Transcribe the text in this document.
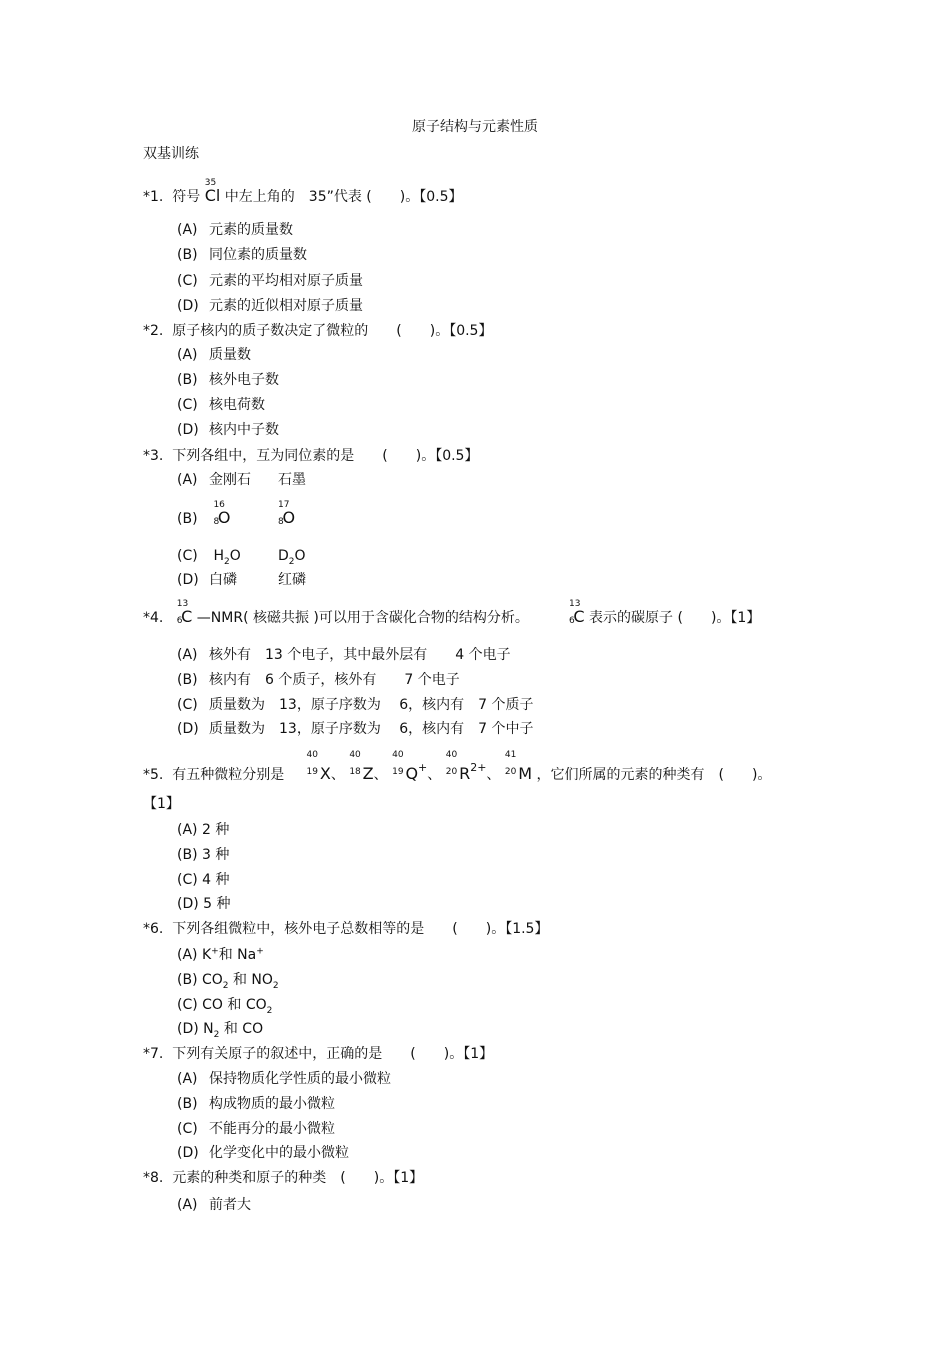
原子结构与元素性质
双基训练
*1. 符号
35
Cl 中左上角的　35”代表 (　　)。【0.5】
(A) 元素的质量数
(B) 同位素的质量数
(C) 元素的平均相对原子质量
(D) 元素的近似相对原子质量
*2. 原子核内的质子数决定了微粒的　　(　　)。【0.5】
(A) 质量数
(B) 核外电子数
(C) 核电荷数
(D) 核内中子数
*3. 下列各组中，互为同位素的是　　(　　)。【0.5】
(A) 金刚石 石墨
(B)
16
8
O
17
8
O
(C) $H_2O$	$D_2O$
(D) 白磷	红磷
*4.
13
6
C —NMR( 核磁共振 )可以用于含碳化合物的结构分析。
13
6
C 表示的碳原子 (　　)。【1】
(A) 核外有　13 个电子，其中最外层有　　4 个电子
(B) 核内有　6 个质子，核外有　　7 个电子
(C) 质量数为　13，原子序数为　 6，核内有　7 个质子
(D) 质量数为　13，原子序数为　 6，核内有　7 个中子
*5. 有五种微粒分别是
40
19 X、
40
18 Z、
40
19 Q+、
40
20 $R^{2+}$、
41
20 M ，它们所属的元素的种类有　(　　)。
【1】
(A) 2 种
(B) 3 种
(C) 4 种
(D) 5 种
*6. 下列各组微粒中，核外电子总数相等的是　　(　　)。【1.5】
(A) K+和 Na+
(B) $CO_2$ 和 $NO_2$
(C) CO 和 $CO_2$
(D) $N_2$ 和 CO
*7. 下列有关原子的叙述中，正确的是　　(　　)。【1】
(A) 保持物质化学性质的最小微粒
(B) 构成物质的最小微粒
(C) 不能再分的最小微粒
(D) 化学变化中的最小微粒
*8. 元素的种类和原子的种类　(　　)。【1】
(A) 前者大
